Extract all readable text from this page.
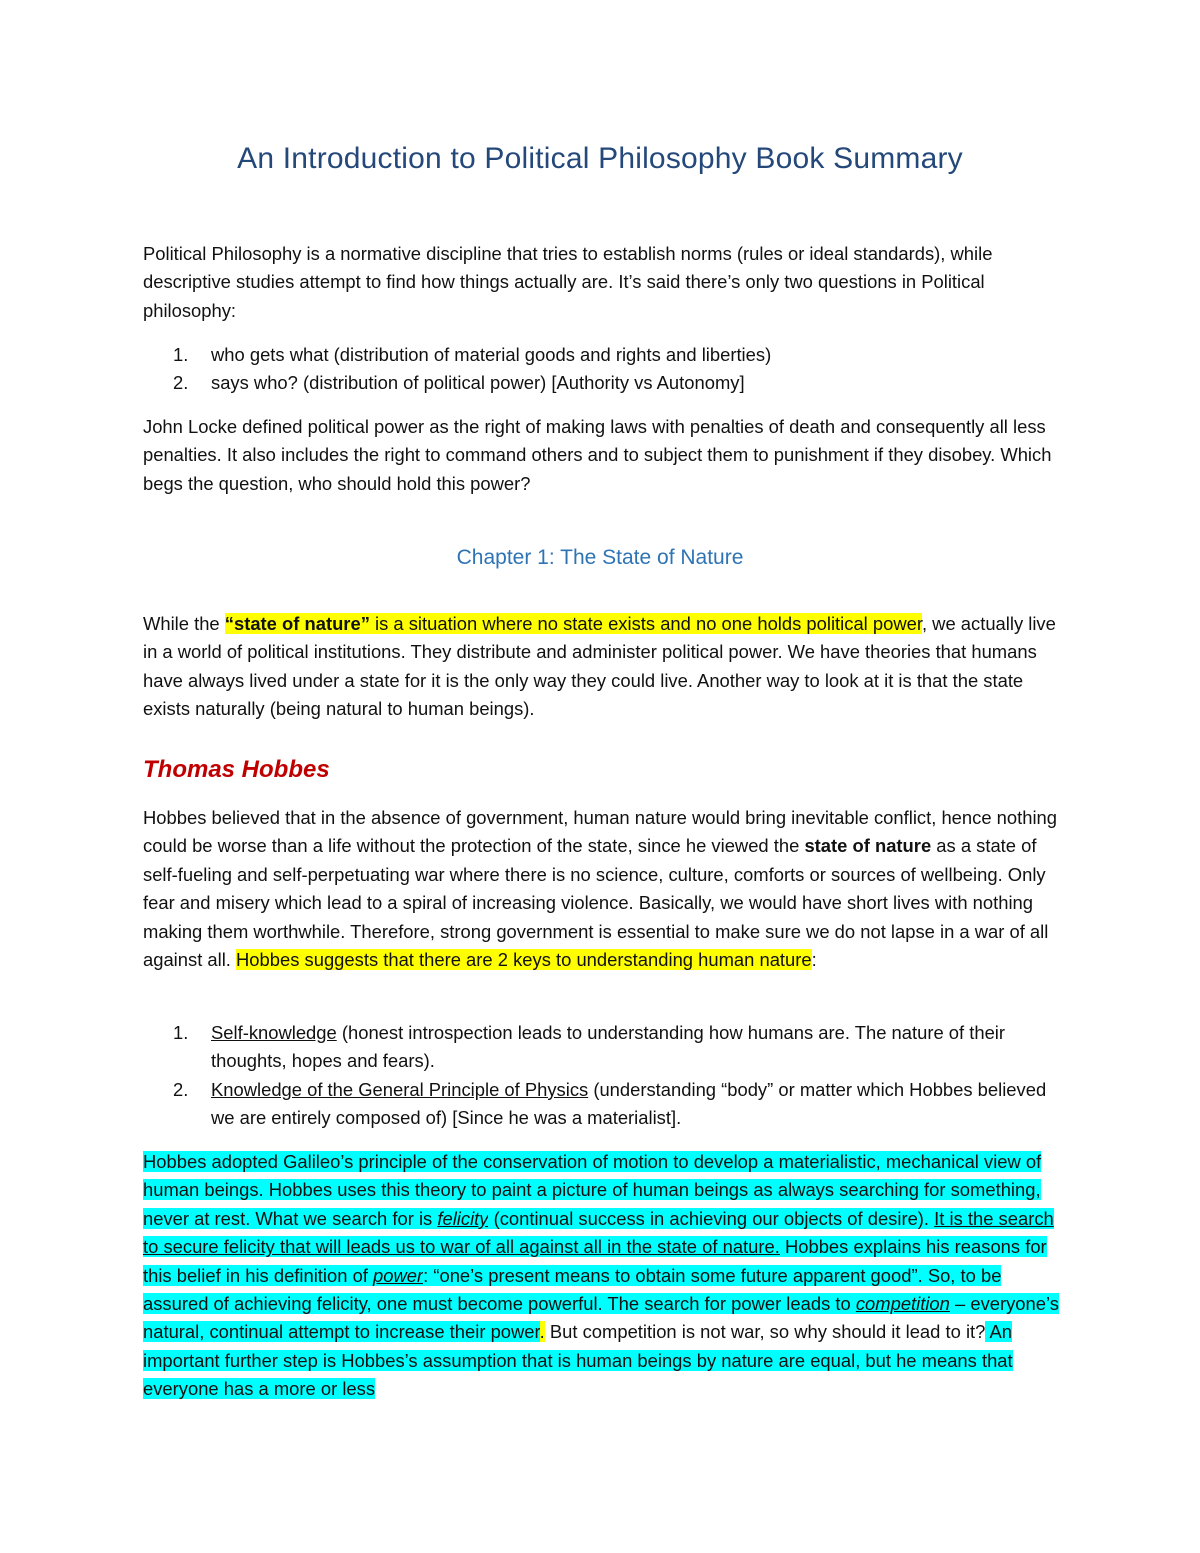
An Introduction to Political Philosophy Book Summary

Political Philosophy is a normative discipline that tries to establish norms (rules or ideal standards), while descriptive studies attempt to find how things actually are. It’s said there’s only two questions in Political philosophy:

1. who gets what (distribution of material goods and rights and liberties)
2. says who? (distribution of political power) [Authority vs Autonomy]

John Locke defined political power as the right of making laws with penalties of death and consequently all less penalties. It also includes the right to command others and to subject them to punishment if they disobey. Which begs the question, who should hold this power?

Chapter 1: The State of Nature

While the “state of nature” is a situation where no state exists and no one holds political power, we actually live in a world of political institutions. They distribute and administer political power. We have theories that humans have always lived under a state for it is the only way they could live. Another way to look at it is that the state exists naturally (being natural to human beings).

Thomas Hobbes

Hobbes believed that in the absence of government, human nature would bring inevitable conflict, hence nothing could be worse than a life without the protection of the state, since he viewed the state of nature as a state of self-fueling and self-perpetuating war where there is no science, culture, comforts or sources of wellbeing. Only fear and misery which lead to a spiral of increasing violence. Basically, we would have short lives with nothing making them worthwhile. Therefore, strong government is essential to make sure we do not lapse in a war of all against all. Hobbes suggests that there are 2 keys to understanding human nature:

1. Self-knowledge (honest introspection leads to understanding how humans are. The nature of their thoughts, hopes and fears).
2. Knowledge of the General Principle of Physics (understanding “body” or matter which Hobbes believed we are entirely composed of) [Since he was a materialist].

Hobbes adopted Galileo’s principle of the conservation of motion to develop a materialistic, mechanical view of human beings. Hobbes uses this theory to paint a picture of human beings as always searching for something, never at rest. What we search for is felicity (continual success in achieving our objects of desire). It is the search to secure felicity that will leads us to war of all against all in the state of nature. Hobbes explains his reasons for this belief in his definition of power: “one’s present means to obtain some future apparent good”. So, to be assured of achieving felicity, one must become powerful. The search for power leads to competition – everyone’s natural, continual attempt to increase their power. But competition is not war, so why should it lead to it? An important further step is Hobbes’s assumption that is human beings by nature are equal, but he means that everyone has a more or less
